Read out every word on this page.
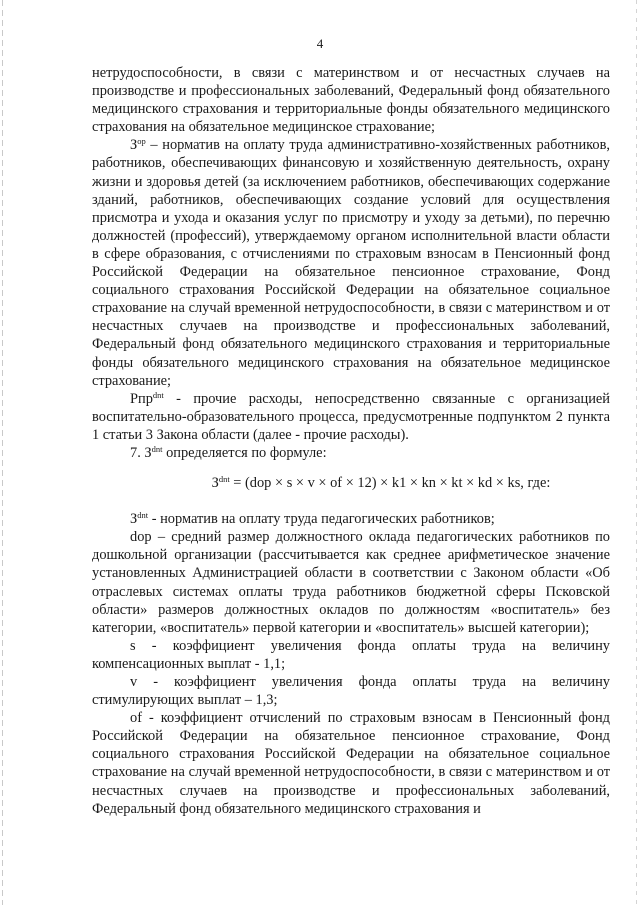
4

нетрудоспособности, в связи с материнством и от несчастных случаев на производстве и профессиональных заболеваний, Федеральный фонд обязательного медицинского страхования и территориальные фонды обязательного медицинского страхования на обязательное медицинское страхование;

$З^{ор}$ – норматив на оплату труда административно-хозяйственных работников, работников, обеспечивающих финансовую и хозяйственную деятельность, охрану жизни и здоровья детей (за исключением работников, обеспечивающих содержание зданий, работников, обеспечивающих создание условий для осуществления присмотра и ухода и оказания услуг по присмотру и уходу за детьми), по перечню должностей (профессий), утверждаемому органом исполнительной власти области в сфере образования, с отчислениями по страховым взносам в Пенсионный фонд Российской Федерации на обязательное пенсионное страхование, Фонд социального страхования Российской Федерации на обязательное социальное страхование на случай временной нетрудоспособности, в связи с материнством и от несчастных случаев на производстве и профессиональных заболеваний, Федеральный фонд обязательного медицинского страхования и территориальные фонды обязательного медицинского страхования на обязательное медицинское страхование;

Рпр$^{dnt}$ - прочие расходы, непосредственно связанные с организацией воспитательно-образовательного процесса, предусмотренные подпунктом 2 пункта 1 статьи 3 Закона области (далее - прочие расходы).

7. $З^{dnt}$ определяется по формуле:

$З^{dnt} = (dop \times s \times v$ × of × 12) × k1 × kn × kt × kd × ks, где:

$З^{dnt}$ - норматив на оплату труда педагогических работников;

dop – средний размер должностного оклада педагогических работников по дошкольной организации (рассчитывается как среднее арифметическое значение установленных Администрацией области в соответствии с Законом области «Об отраслевых системах оплаты труда работников бюджетной сферы Псковской области» размеров должностных окладов по должностям «воспитатель» без категории, «воспитатель» первой категории и «воспитатель» высшей категории);

s - коэффициент увеличения фонда оплаты труда на величину компенсационных выплат - 1,1;

v - коэффициент увеличения фонда оплаты труда на величину стимулирующих выплат – 1,3;

of - коэффициент отчислений по страховым взносам в Пенсионный фонд Российской Федерации на обязательное пенсионное страхование, Фонд социального страхования Российской Федерации на обязательное социальное страхование на случай временной нетрудоспособности, в связи с материнством и от несчастных случаев на производстве и профессиональных заболеваний, Федеральный фонд обязательного медицинского страхования и
